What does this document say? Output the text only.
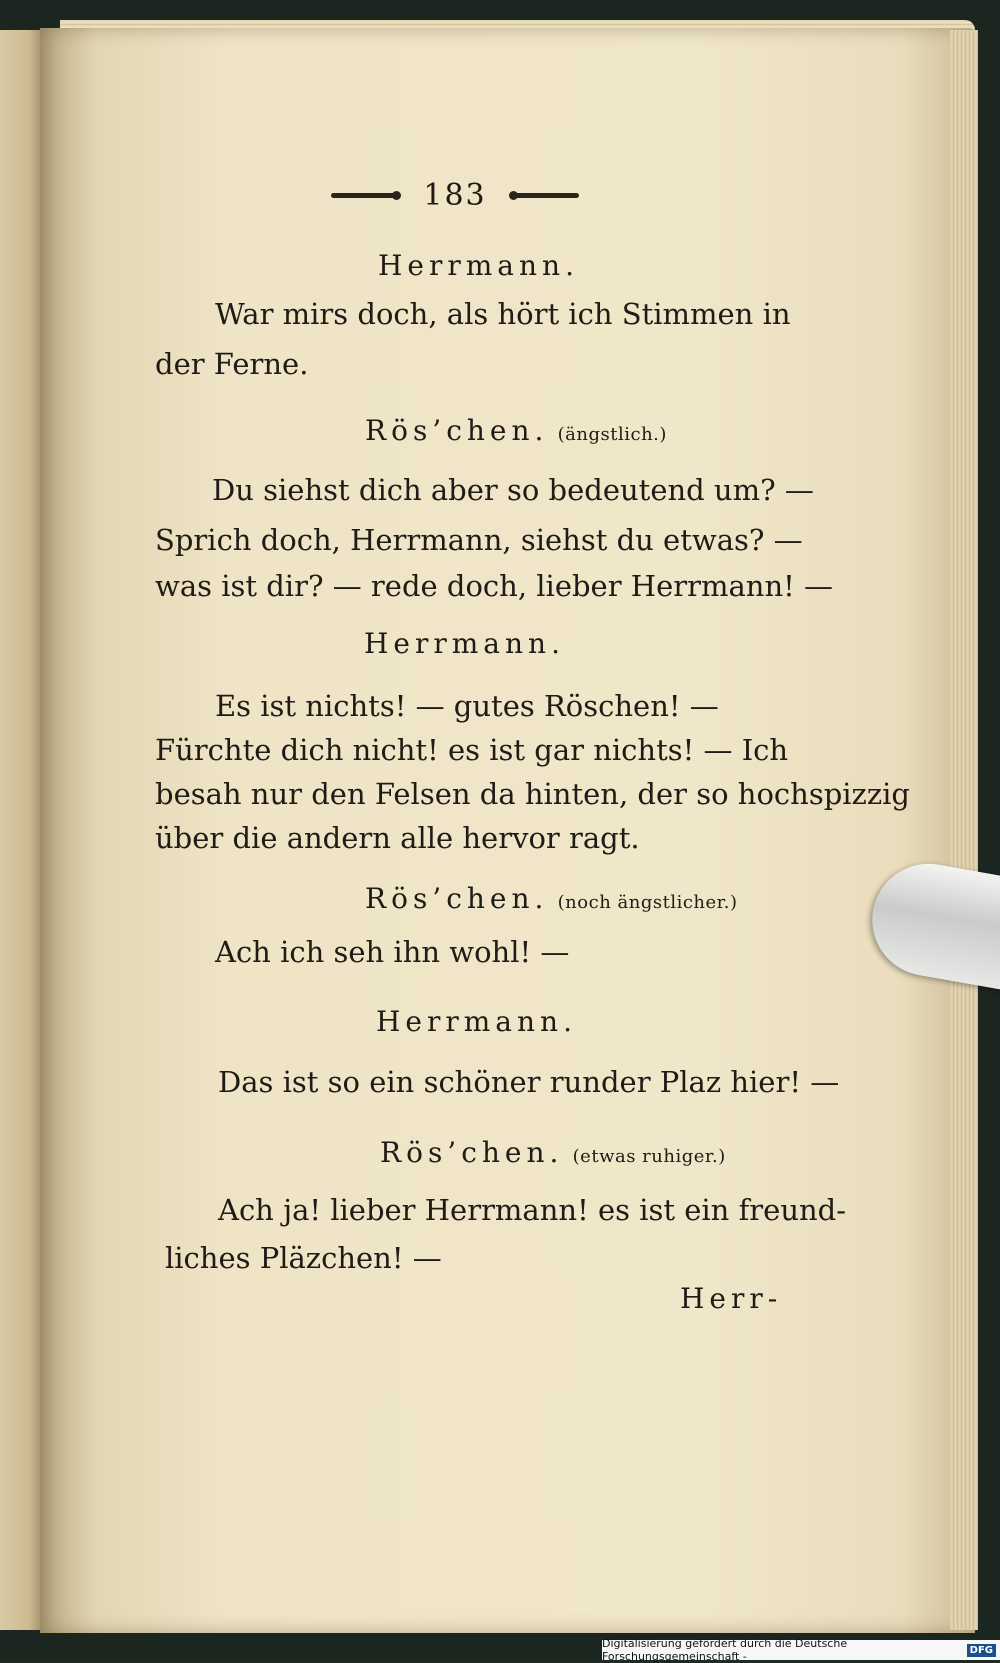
183
Herrmann.
War mirs doch, als hört ich Stimmen in
der Ferne.
Rös’chen. (ängstlich.)
Du siehst dich aber so bedeutend um? —
Sprich doch, Herrmann, siehst du etwas? —
was ist dir? — rede doch, lieber Herrmann! —
Herrmann.
Es ist nichts! — gutes Röschen! —
Fürchte dich nicht! es ist gar nichts! — Ich
besah nur den Felsen da hinten, der so hochspizzig
über die andern alle hervor ragt.
Rös’chen. (noch ängstlicher.)
Ach ich seh ihn wohl! —
Herrmann.
Das ist so ein schöner runder Plaz hier! —
Rös’chen. (etwas ruhiger.)
Ach ja! lieber Herrmann! es ist ein freund-
liches Pläzchen! —
Herr-
Digitalisierung gefördert durch die Deutsche Forschungsgemeinschaft -	DFG
